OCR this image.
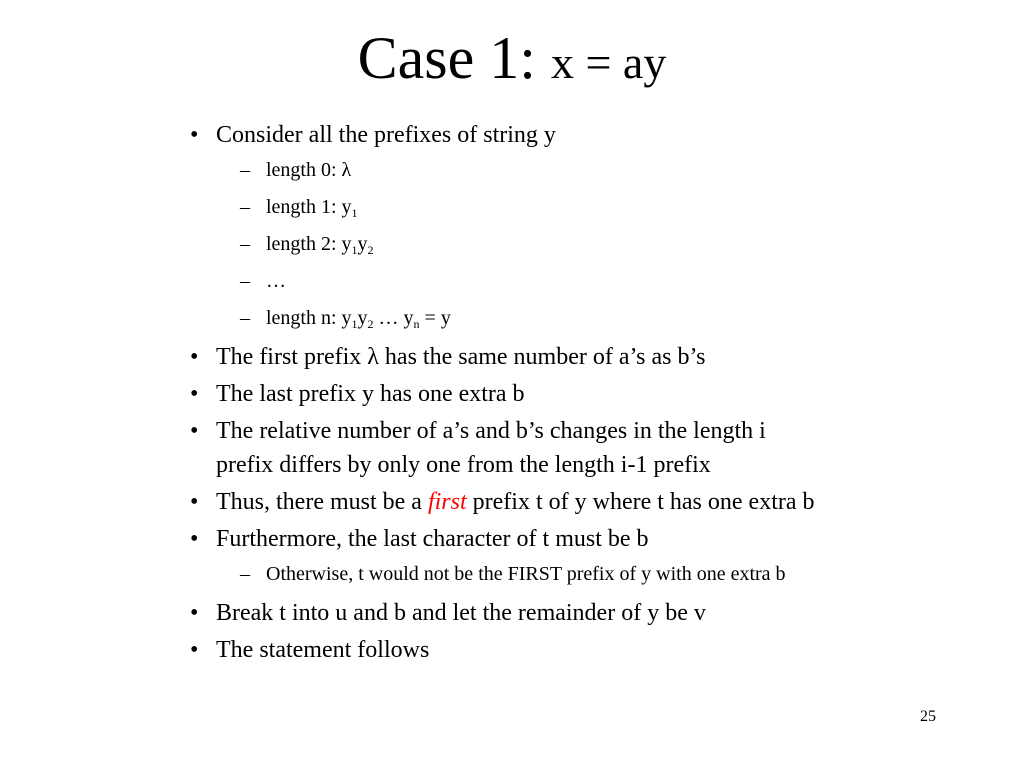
Case 1: x = ay
• Consider all the prefixes of string y
– length 0: λ
– length 1: $y_1$
– length 2: $y_1y_2$
– …
– length n: $y_1y_2$ … $y_n = y$
• The first prefix λ has the same number of a’s as b’s
• The last prefix y has one extra b
• The relative number of a’s and b’s changes in the length i
prefix differs by only one from the length i-1 prefix
• Thus, there must be a first prefix t of y where t has one extra b
• Furthermore, the last character of t must be b
– Otherwise, t would not be the FIRST prefix of y with one extra b
• Break t into u and b and let the remainder of y be v
• The statement follows
25
